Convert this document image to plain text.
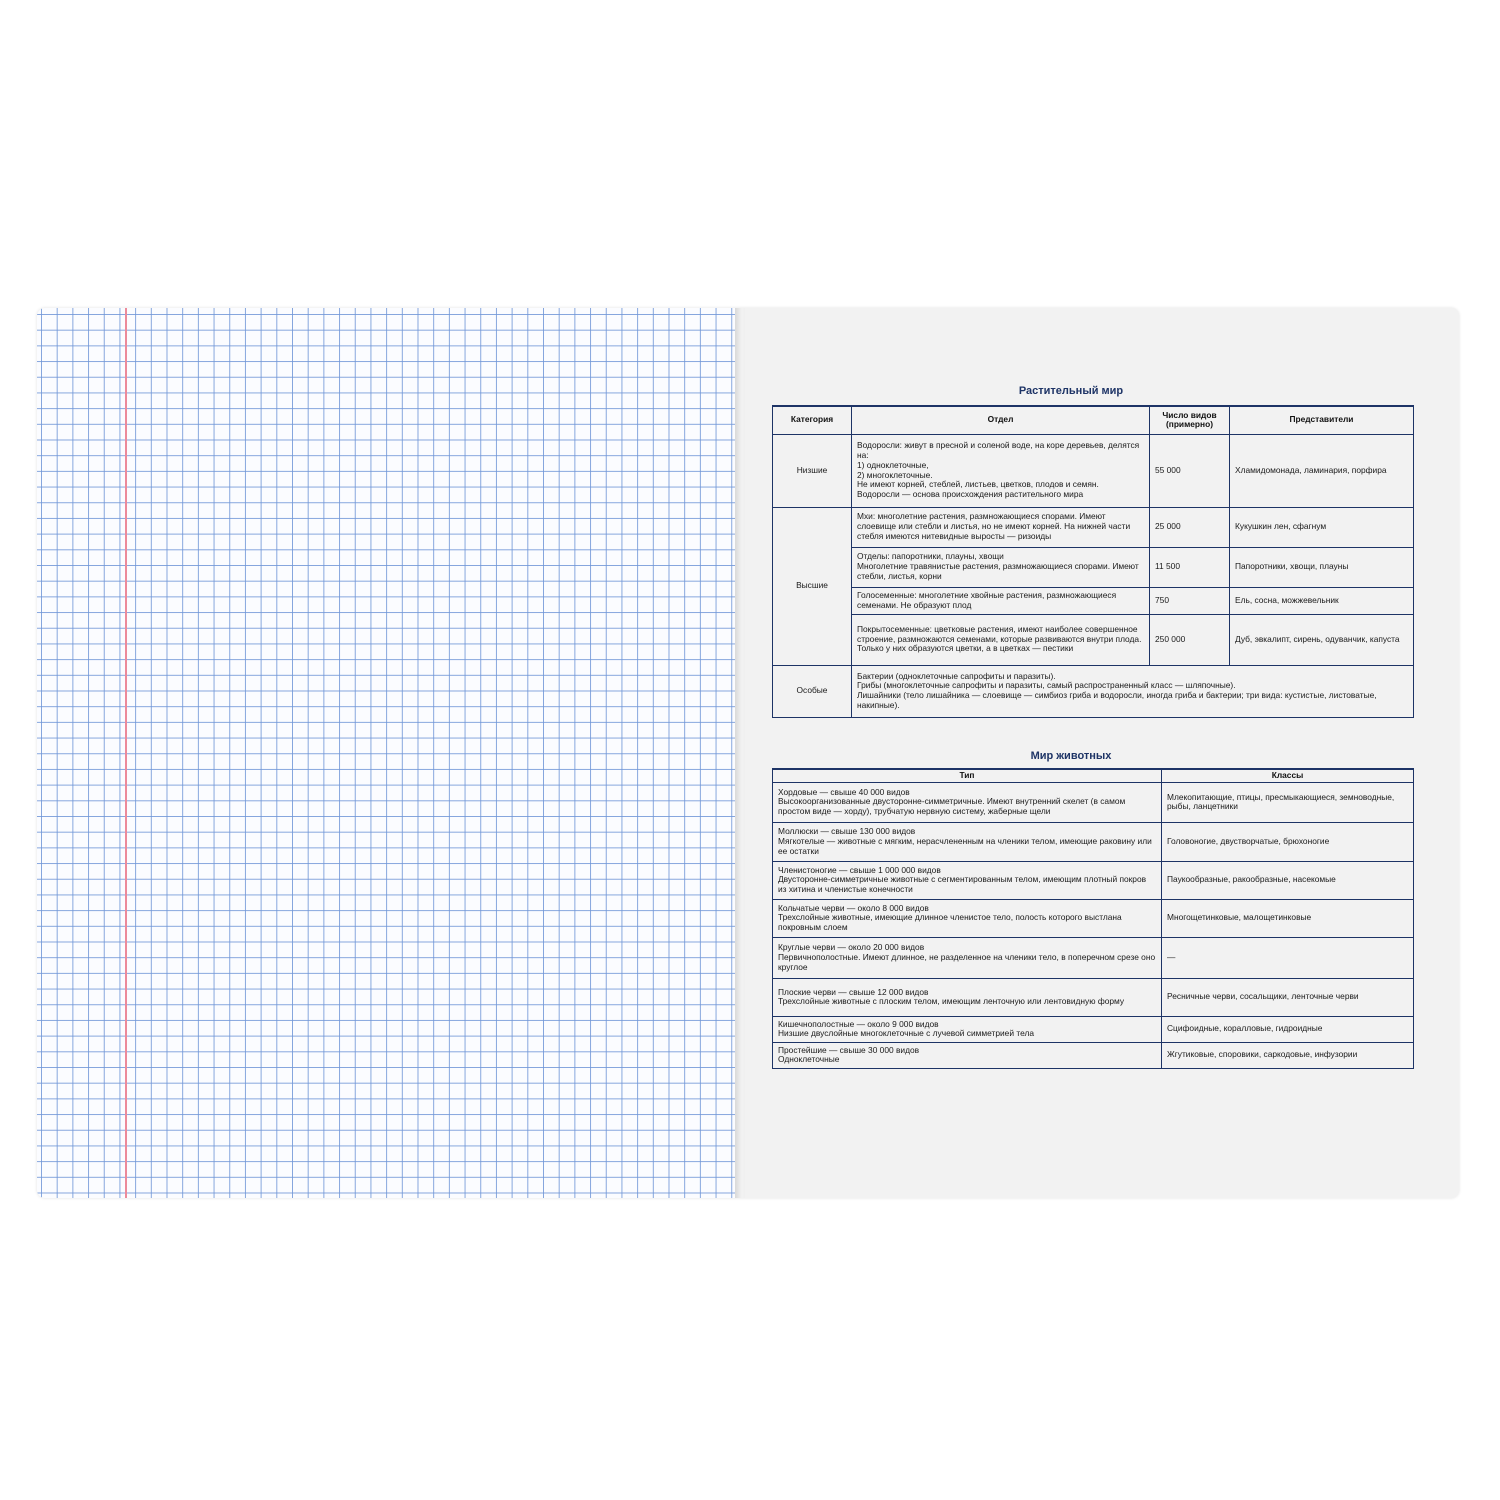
Растительный мир
Категория	Отдел	Число видов (примерно)	Представители
Низшие	Водоросли: живут в пресной и соленой воде, на коре деревьев, делятся на:
1) одноклеточные,
2) многоклеточные.
Не имеют корней, стеблей, листьев, цветков, плодов и семян.
Водоросли — основа происхождения растительного мира	55 000	Хламидомонада, ламинария, порфира
Высшие	Мхи: многолетние растения, размножающиеся спорами. Имеют слоевище или стебли и листья, но не имеют корней. На нижней части стебля имеются нитевидные выросты — ризоиды	25 000	Кукушкин лен, сфагнум

	Отделы: папоротники, плауны, хвощи
Многолетние травянистые растения, размножающиеся спорами. Имеют стебли, листья, корни	11 500	Папоротники, хвощи, плауны

	Голосеменные: многолетние хвойные растения, размножающиеся семенами. Не образуют плод	750	Ель, сосна, можжевельник

	Покрытосеменные: цветковые растения, имеют наиболее совершенное строение, размножаются семенами, которые развиваются внутри плода.
Только у них образуются цветки, а в цветках — пестики	250 000	Дуб, эвкалипт, сирень, одуванчик, капуста
Особые	Бактерии (одноклеточные сапрофиты и паразиты).
Грибы (многоклеточные сапрофиты и паразиты, самый распространенный класс — шляпочные).
Лишайники (тело лишайника — слоевище — симбиоз гриба и водоросли, иногда гриба и бактерии; три вида: кустистые, листоватые, накипные).		
Мир животных
Тип	Классы

Хордовые — свыше 40 000 видов
Высокоорганизованные двусторонне-симметричные. Имеют внутренний скелет (в самом простом виде — хорду), трубчатую нервную систему, жаберные щели	Млекопитающие, птицы, пресмыкающиеся, земноводные, рыбы, ланцетники

Моллюски — свыше 130 000 видов
Мягкотелые — животные с мягким, нерасчлененным на членики телом, имеющие раковину или ее остатки	Головоногие, двустворчатые, брюхоногие

Членистоногие — свыше 1 000 000 видов
Двусторонне-симметричные животные с сегментированным телом, имеющим плотный покров из хитина и членистые конечности	Паукообразные, ракообразные, насекомые

Кольчатые черви — около 8 000 видов
Трехслойные животные, имеющие длинное членистое тело, полость которого выстлана покровным слоем	Многощетинковые, малощетинковые

Круглые черви — около 20 000 видов
Первичнополостные. Имеют длинное, не разделенное на членики тело, в поперечном срезе оно круглое	—

Плоские черви — свыше 12 000 видов
Трехслойные животные с плоским телом, имеющим ленточную или лентовидную форму	Ресничные черви, сосальщики, ленточные черви

Кишечнополостные — около 9 000 видов
Низшие двуслойные многоклеточные с лучевой симметрией тела	Сцифоидные, коралловые, гидроидные

Простейшие — свыше 30 000 видов
Одноклеточные	Жгутиковые, споровики, саркодовые, инфузории
